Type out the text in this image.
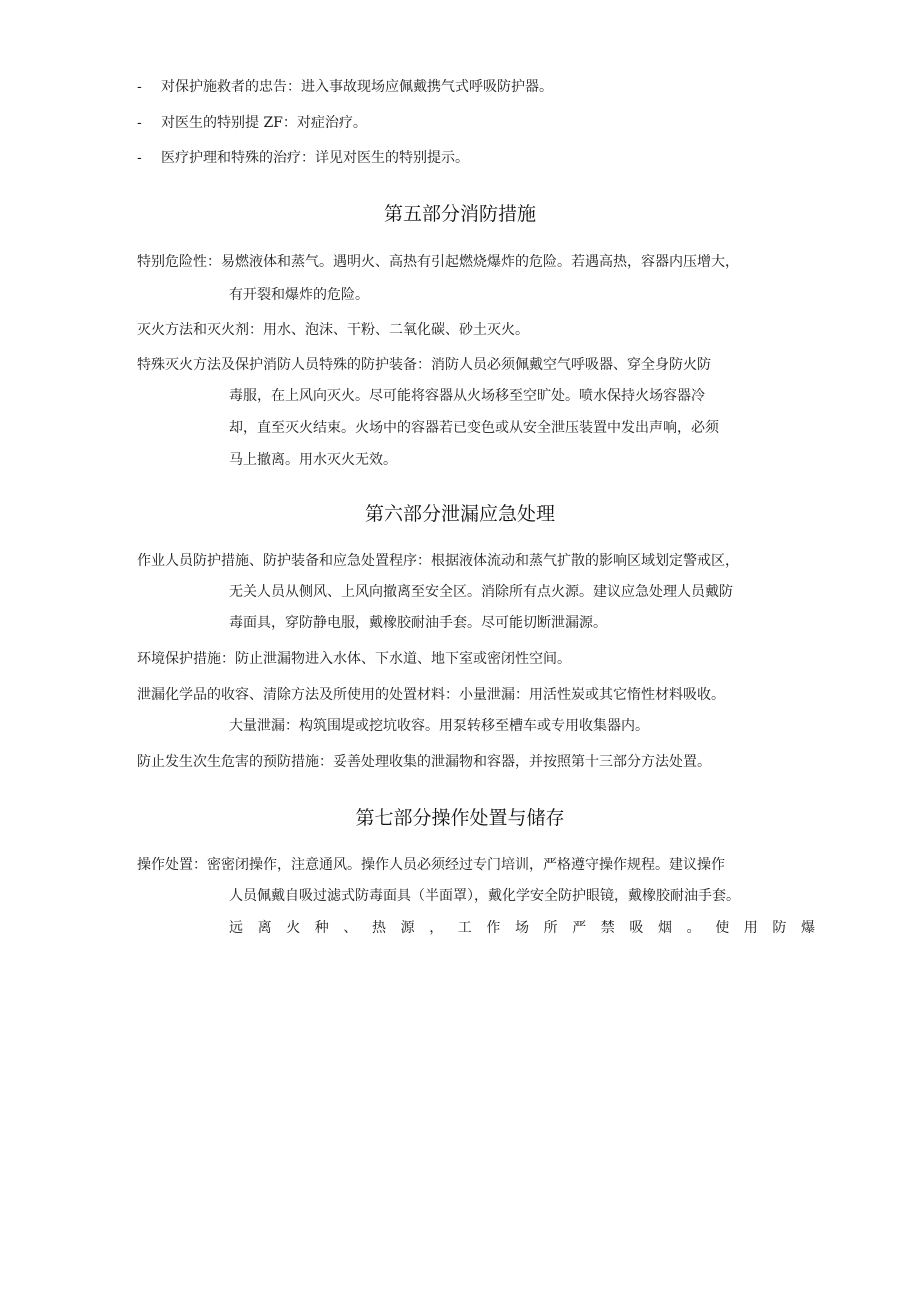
- 对保护施救者的忠告：进入事故现场应佩戴携气式呼吸防护器。
- 对医生的特别提 ZF：对症治疗。
- 医疗护理和特殊的治疗：详见对医生的特别提示。
第五部分消防措施
特别危险性：易燃液体和蒸气。遇明火、高热有引起燃烧爆炸的危险。若遇高热，容器内压增大，
有开裂和爆炸的危险。
灭火方法和灭火剂：用水、泡沫、干粉、二氧化碳、砂土灭火。
特殊灭火方法及保护消防人员特殊的防护装备：消防人员必须佩戴空气呼吸器、穿全身防火防
毒服，在上风向灭火。尽可能将容器从火场移至空旷处。喷水保持火场容器冷
却，直至灭火结束。火场中的容器若已变色或从安全泄压装置中发出声响，必须
马上撤离。用水灭火无效。
第六部分泄漏应急处理
作业人员防护措施、防护装备和应急处置程序：根据液体流动和蒸气扩散的影响区域划定警戒区，
无关人员从侧风、上风向撤离至安全区。消除所有点火源。建议应急处理人员戴防
毒面具，穿防静电服，戴橡胶耐油手套。尽可能切断泄漏源。
环境保护措施：防止泄漏物进入水体、下水道、地下室或密闭性空间。
泄漏化学品的收容、清除方法及所使用的处置材料：小量泄漏：用活性炭或其它惰性材料吸收。
大量泄漏：构筑围堤或挖坑收容。用泵转移至槽车或专用收集器内。
防止发生次生危害的预防措施：妥善处理收集的泄漏物和容器，并按照第十三部分方法处置。
第七部分操作处置与储存
操作处置：密密闭操作，注意通风。操作人员必须经过专门培训，严格遵守操作规程。建议操作
人员佩戴自吸过滤式防毒面具（半面罩），戴化学安全防护眼镜，戴橡胶耐油手套。
远离火种、热源，工作场所严禁吸烟。使用防爆
